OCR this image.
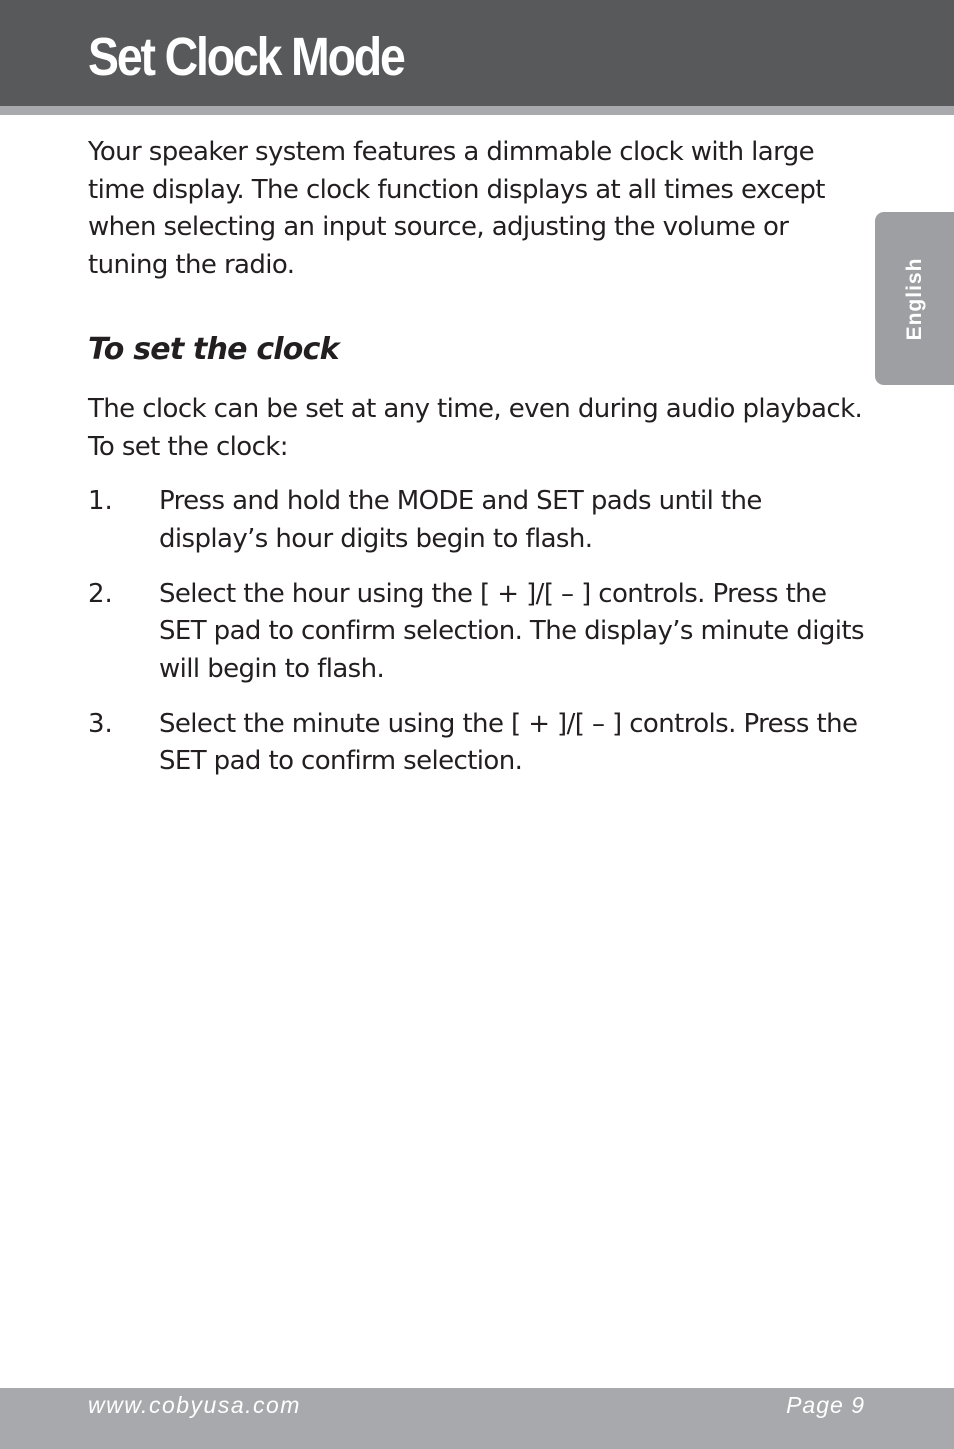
Set Clock Mode
English

Your speaker system features a dimmable clock with large time display. The clock function displays at all times except when selecting an input source, adjusting the volume or tuning the radio.

To set the clock

The clock can be set at any time, even during audio playback. To set the clock:

1.	Press and hold the MODE and SET pads until the display’s hour digits begin to flash.
2.	Select the hour using the [ + ]/[ – ] controls. Press the SET pad to confirm selection. The display’s minute digits will begin to flash.
3.	Select the minute using the [ + ]/[ – ] controls. Press the SET pad to confirm selection.
www.cobyusa.com	Page 9
